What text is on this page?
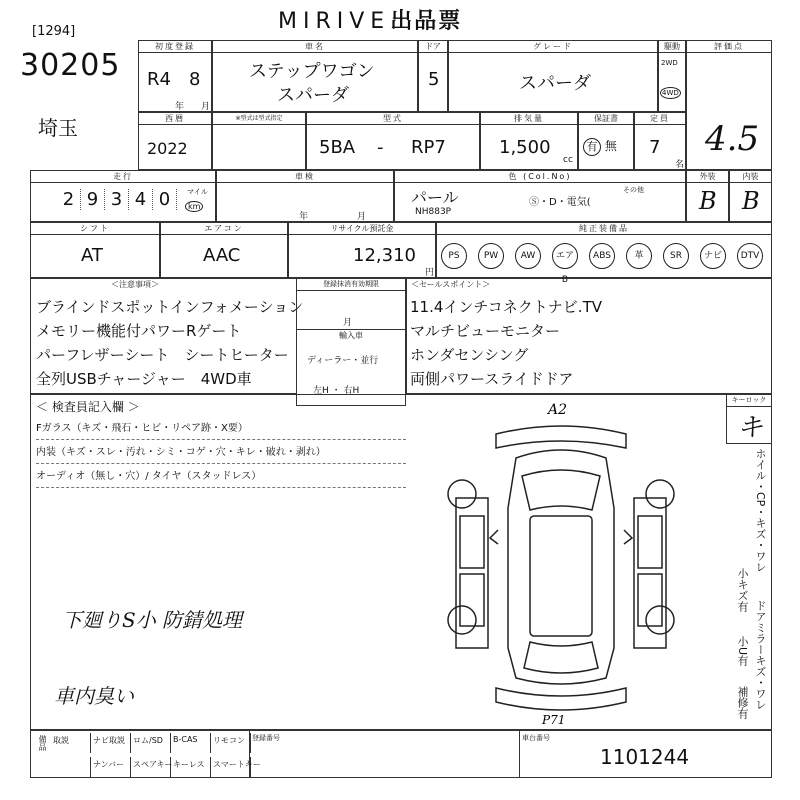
MIRIVE出品票
[1294]
30205
埼玉
初度登録
R4 8
年 月
車名
ステップワゴン
スパーダ
ドア
5
グレード
スパーダ
駆動
2WD
4WD
評価点
4.5
西暦
2022
※型式は型式指定	型式
5BA - RP7
排気量
1,500
cc
保証書
有 無
定員
7
名
走行
2 9 3 4 0	マイル
km
車検
年	月
色 (Col.No)
パール
NH883P
Ⓢ・D・電気(
その他
外装
B
内装
B
シフト
AT
エアコン
AAC
リサイクル預託金
12,310
円
純正装備品
PS	PW	AW	エアB
ABS	革	SR	ナビ	DTV
＜注意事項＞
ブラインドスポットインフォメーション
メモリー機能付パワーRゲート
パーフレザーシート　シートヒーター
全列USBチャージャー　4WD車
登録抹消有効期限
月
輸入車
ディーラー・並行
左H ・ 右H
＜セールスポイント＞
11.4インチコネクトナビ.TV
マルチビューモニター
ホンダセンシング
両側パワースライドドア
＜ 検査員記入欄 ＞
Fガラス（キズ・飛石・ヒビ・リペア跡・X要）
内装（キズ・スレ・汚れ・シミ・コゲ・穴・キレ・破れ・剥れ）
オーディオ（無し・穴）/ タイヤ（スタッドレス）
下廻りS小 防錆処理
車内臭い
A2
P71
キーロック
キ
ホイル・CP・キズ・ワレ
小キズ有
ドアミラーキズ・ワレ
小U有
補修有
備品 取説	ナビ取説	ロム/SD	B-CAS	リモコン
ナンバー	スペアキー キーレス	スマートキー
登録番号	車台番号
1101244
